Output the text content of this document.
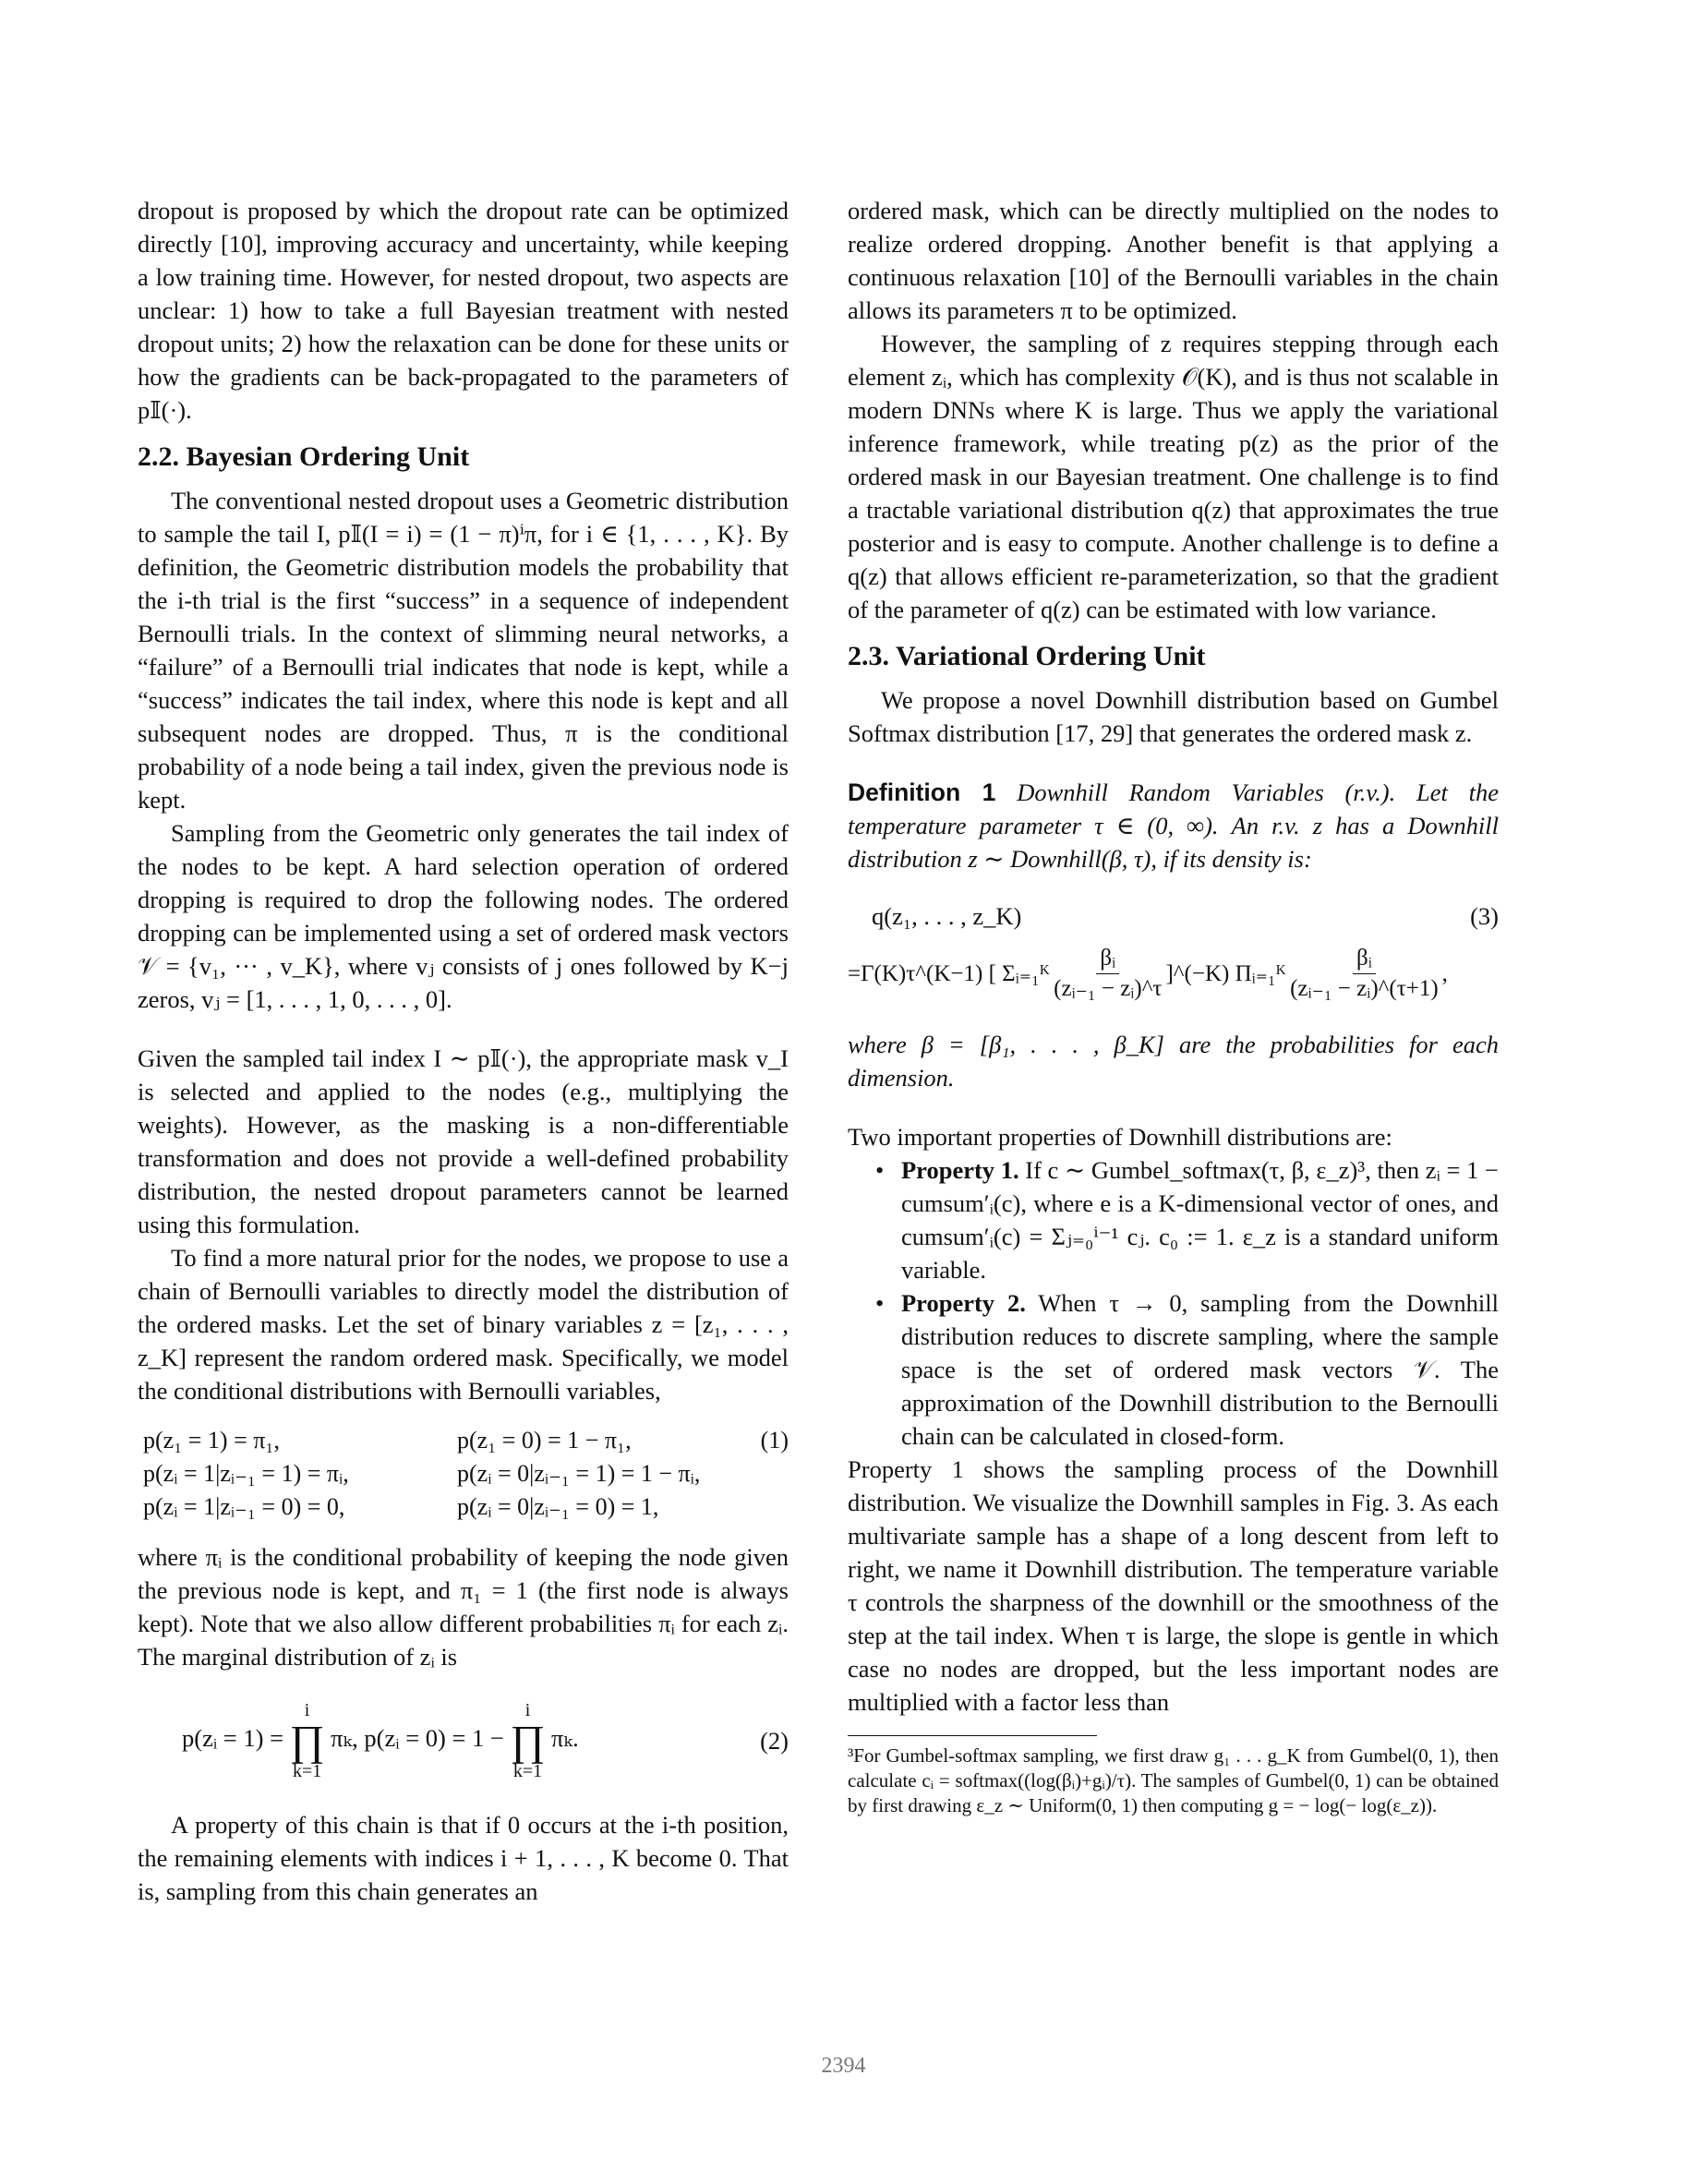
dropout is proposed by which the dropout rate can be optimized directly [10], improving accuracy and uncertainty, while keeping a low training time. However, for nested dropout, two aspects are unclear: 1) how to take a full Bayesian treatment with nested dropout units; 2) how the relaxation can be done for these units or how the gradients can be back-propagated to the parameters of p𝕀(·).

2.2. Bayesian Ordering Unit

The conventional nested dropout uses a Geometric distribution to sample the tail I, p𝕀(I = i) = (1 − π)ⁱπ, for i ∈ {1, . . . , K}. By definition, the Geometric distribution models the probability that the i-th trial is the first “success” in a sequence of independent Bernoulli trials. In the context of slimming neural networks, a “failure” of a Bernoulli trial indicates that node is kept, while a “success” indicates the tail index, where this node is kept and all subsequent nodes are dropped. Thus, π is the conditional probability of a node being a tail index, given the previous node is kept.

Sampling from the Geometric only generates the tail index of the nodes to be kept. A hard selection operation of ordered dropping is required to drop the following nodes. The ordered dropping can be implemented using a set of ordered mask vectors 𝒱 = {v₁, ··· , v_K}, where vⱼ consists of j ones followed by K−j zeros, vⱼ = [1, . . . , 1, 0, . . . , 0].

Given the sampled tail index I ∼ p𝕀(·), the appropriate mask v_I is selected and applied to the nodes (e.g., multiplying the weights). However, as the masking is a non-differentiable transformation and does not provide a well-defined probability distribution, the nested dropout parameters cannot be learned using this formulation.

To find a more natural prior for the nodes, we propose to use a chain of Bernoulli variables to directly model the distribution of the ordered masks. Let the set of binary variables z = [z₁, . . . , z_K] represent the random ordered mask. Specifically, we model the conditional distributions with Bernoulli variables,

p(z₁ = 1) = π₁,	p(z₁ = 0) = 1 − π₁,	(1)
p(zᵢ = 1|zᵢ₋₁ = 1) = πᵢ,	p(zᵢ = 0|zᵢ₋₁ = 1) = 1 − πᵢ,
p(zᵢ = 1|zᵢ₋₁ = 0) = 0,	p(zᵢ = 0|zᵢ₋₁ = 0) = 1,

where πᵢ is the conditional probability of keeping the node given the previous node is kept, and π₁ = 1 (the first node is always kept). Note that we also allow different probabilities πᵢ for each zᵢ. The marginal distribution of zᵢ is

p(zᵢ = 1) =
i
∏
k=1
πₖ, p(zᵢ = 0) = 1 −
i
∏
k=1
πₖ.	(2)

A property of this chain is that if 0 occurs at the i-th position, the remaining elements with indices i + 1, . . . , K become 0. That is, sampling from this chain generates an

ordered mask, which can be directly multiplied on the nodes to realize ordered dropping. Another benefit is that applying a continuous relaxation [10] of the Bernoulli variables in the chain allows its parameters π to be optimized.

However, the sampling of z requires stepping through each element zᵢ, which has complexity 𝒪(K), and is thus not scalable in modern DNNs where K is large. Thus we apply the variational inference framework, while treating p(z) as the prior of the ordered mask in our Bayesian treatment. One challenge is to find a tractable variational distribution q(z) that approximates the true posterior and is easy to compute. Another challenge is to define a q(z) that allows efficient re-parameterization, so that the gradient of the parameter of q(z) can be estimated with low variance.

2.3. Variational Ordering Unit

We propose a novel Downhill distribution based on Gumbel Softmax distribution [17, 29] that generates the ordered mask z.

Definition 1 Downhill Random Variables (r.v.). Let the temperature parameter τ ∈ (0, ∞). An r.v. z has a Downhill distribution z ∼ Downhill(β, τ), if its density is:
q(z₁, . . . , z_K)	(3)
=Γ(K)τ^(K−1) [ Σᵢ₌₁ᴷ $\frac{\text{βᵢ}}{\text{(zᵢ₋₁ − zᵢ)\textasciicircum{}τ}}$ ]^(−K) Πᵢ₌₁ᴷ $\frac{\text{βᵢ}}{\text{(zᵢ₋₁ − zᵢ)\textasciicircum{}(τ+1)}}$ ,

where β = [β₁, . . . , β_K] are the probabilities for each dimension.

Two important properties of Downhill distributions are:

• Property 1. If c ∼ Gumbel_softmax(τ, β, ε_z)³, then zᵢ = 1 − cumsum′ᵢ(c), where e is a K-dimensional vector of ones, and cumsum′ᵢ(c) = Σⱼ₌₀ⁱ⁻¹ cⱼ. c₀ := 1. ε_z is a standard uniform variable.
• Property 2. When τ → 0, sampling from the Downhill distribution reduces to discrete sampling, where the sample space is the set of ordered mask vectors 𝒱. The approximation of the Downhill distribution to the Bernoulli chain can be calculated in closed-form.

Property 1 shows the sampling process of the Downhill distribution. We visualize the Downhill samples in Fig. 3. As each multivariate sample has a shape of a long descent from left to right, we name it Downhill distribution. The temperature variable τ controls the sharpness of the downhill or the smoothness of the step at the tail index. When τ is large, the slope is gentle in which case no nodes are dropped, but the less important nodes are multiplied with a factor less than

³For Gumbel-softmax sampling, we first draw g₁ . . . g_K from Gumbel(0, 1), then calculate cᵢ = softmax((log(βᵢ)+gᵢ)/τ). The samples of Gumbel(0, 1) can be obtained by first drawing ε_z ∼ Uniform(0, 1) then computing g = − log(− log(ε_z)).

2394
